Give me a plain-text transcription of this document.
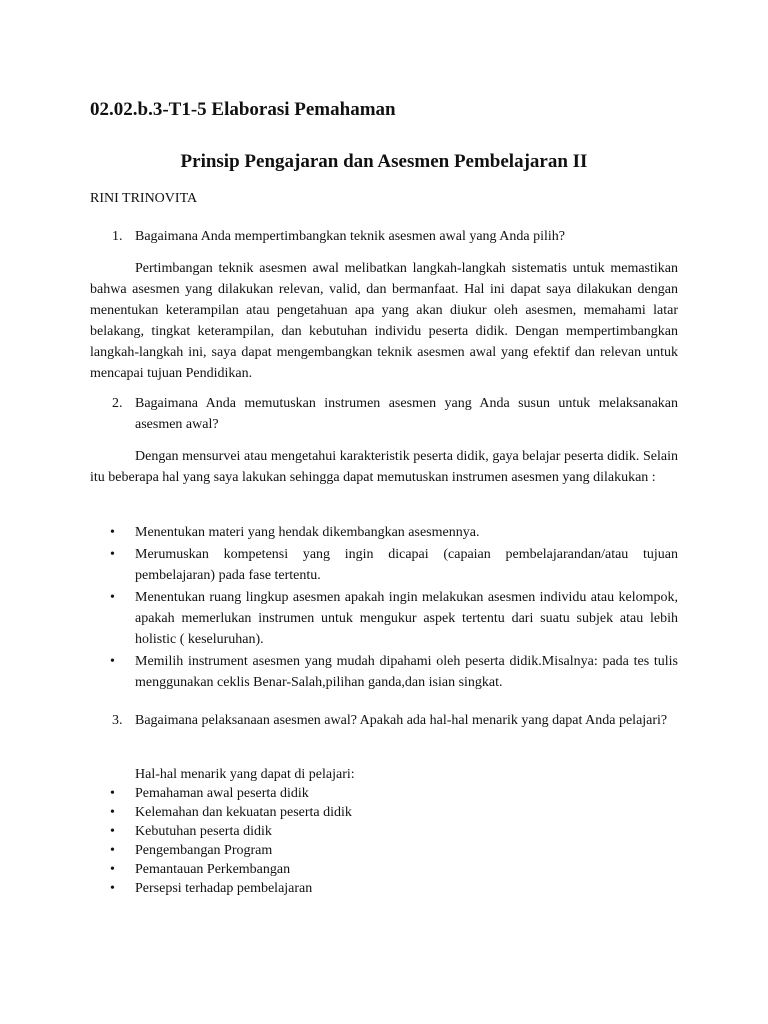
02.02.b.3-T1-5 Elaborasi Pemahaman
Prinsip Pengajaran dan Asesmen Pembelajaran II
RINI TRINOVITA
1. Bagaimana Anda mempertimbangkan teknik asesmen awal yang Anda pilih?
Pertimbangan teknik asesmen awal melibatkan langkah-langkah sistematis untuk memastikan bahwa asesmen yang dilakukan relevan, valid, dan bermanfaat. Hal ini dapat saya dilakukan dengan menentukan keterampilan atau pengetahuan apa yang akan diukur oleh asesmen, memahami latar belakang, tingkat keterampilan, dan kebutuhan individu peserta didik. Dengan mempertimbangkan langkah-langkah ini, saya dapat mengembangkan teknik asesmen awal yang efektif dan relevan untuk mencapai tujuan Pendidikan.
2. Bagaimana Anda memutuskan instrumen asesmen yang Anda susun untuk melaksanakan asesmen awal?
Dengan mensurvei atau mengetahui karakteristik peserta didik, gaya belajar peserta didik. Selain itu beberapa hal yang saya lakukan sehingga dapat memutuskan instrumen asesmen yang dilakukan :
• Menentukan materi yang hendak dikembangkan asesmennya.
• Merumuskan kompetensi yang ingin dicapai (capaian pembelajarandan/atau tujuan pembelajaran) pada fase tertentu.
• Menentukan ruang lingkup asesmen apakah ingin melakukan asesmen individu atau kelompok, apakah memerlukan instrumen untuk mengukur aspek tertentu dari suatu subjek atau lebih holistic ( keseluruhan).
• Memilih instrument asesmen yang mudah dipahami oleh peserta didik.Misalnya: pada tes tulis menggunakan ceklis Benar-Salah,pilihan ganda,dan isian singkat.
3. Bagaimana pelaksanaan asesmen awal? Apakah ada hal-hal menarik yang dapat Anda pelajari?
Hal-hal menarik yang dapat di pelajari:
• Pemahaman awal peserta didik
• Kelemahan dan kekuatan peserta didik
• Kebutuhan peserta didik
• Pengembangan Program
• Pemantauan Perkembangan
• Persepsi terhadap pembelajaran
